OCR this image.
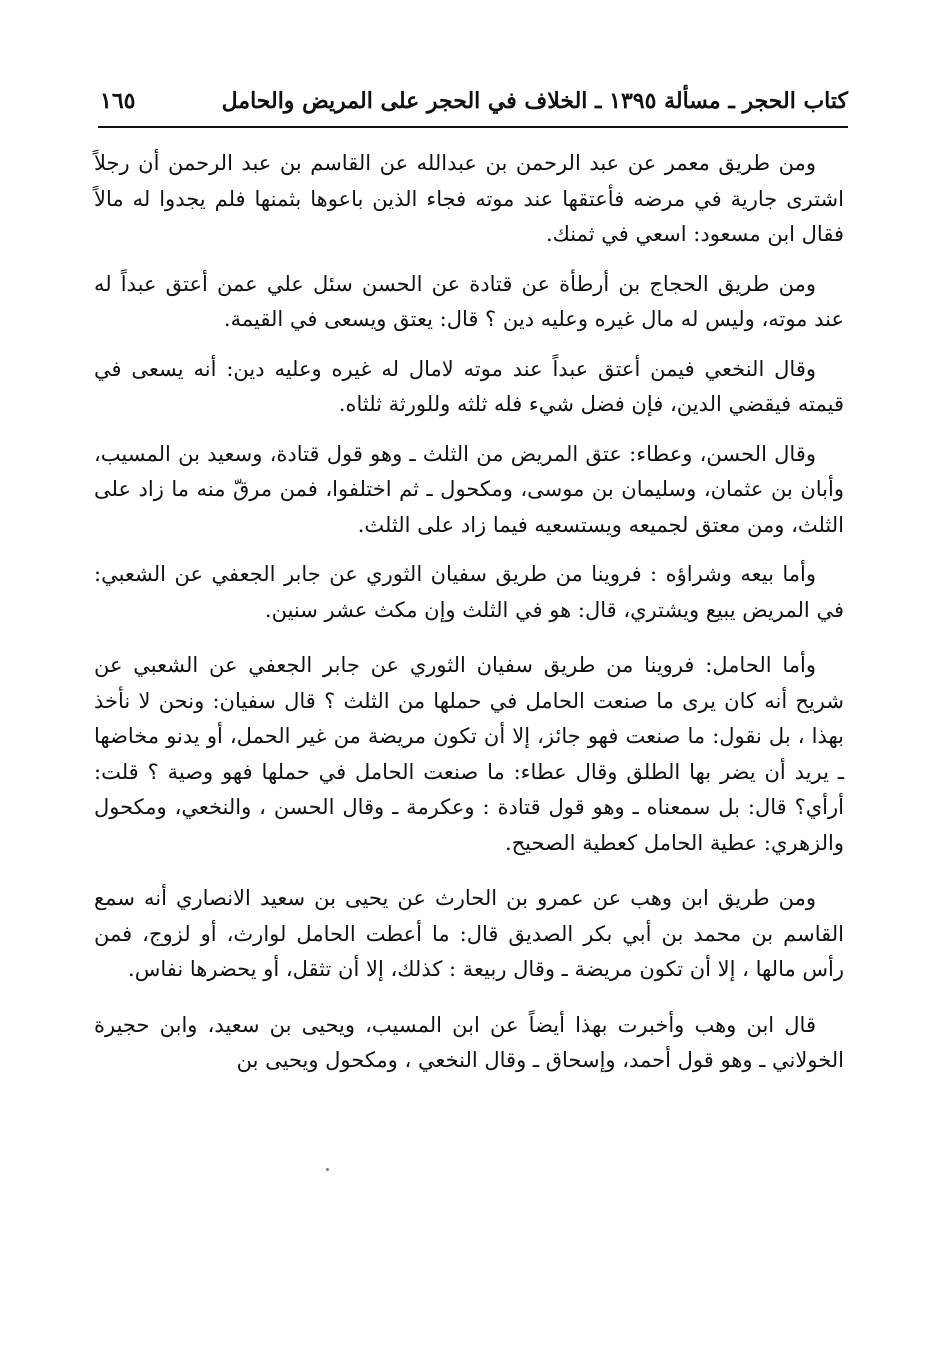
كتاب الحجر ـ مسألة ١٣٩٥ ـ الخلاف في الحجر على المريض والحامل
١٦٥

ومن طريق معمر عن عبد الرحمن بن عبدالله عن القاسم بن عبد الرحمن أن رجلاً اشترى جارية في مرضه فأعتقها عند موته فجاء الذين باعوها بثمنها فلم يجدوا له مالاً فقال ابن مسعود: اسعي في ثمنك.

ومن طريق الحجاج بن أرطأة عن قتادة عن الحسن سئل علي عمن أعتق عبداً له عند موته، وليس له مال غيره وعليه دين ؟ قال: يعتق ويسعى في القيمة.

وقال النخعي فيمن أعتق عبداً عند موته لامال له غيره وعليه دين: أنه يسعى في قيمته فيقضي الدين، فإن فضل شيء فله ثلثه وللورثة ثلثاه.

وقال الحسن، وعطاء: عتق المريض من الثلث ـ وهو قول قتادة، وسعيد بن المسيب، وأبان بن عثمان، وسليمان بن موسى، ومكحول ـ ثم اختلفوا، فمن مرقّ منه ما زاد على الثلث، ومن معتق لجميعه ويستسعيه فيما زاد على الثلث.

وأما بيعه وشراؤه : فروينا من طريق سفيان الثوري عن جابر الجعفي عن الشعبي: في المريض يبيع ويشتري، قال: هو في الثلث وإن مكث عشر سنين.

وأما الحامل: فروينا من طريق سفيان الثوري عن جابر الجعفي عن الشعبي عن شريح أنه كان يرى ما صنعت الحامل في حملها من الثلث ؟ قال سفيان: ونحن لا نأخذ بهذا ، بل نقول: ما صنعت فهو جائز، إلا أن تكون مريضة من غير الحمل، أو يدنو مخاضها ـ يريد أن يضر بها الطلق وقال عطاء: ما صنعت الحامل في حملها فهو وصية ؟ قلت: أرأي؟ قال: بل سمعناه ـ وهو قول قتادة : وعكرمة ـ وقال الحسن ، والنخعي، ومكحول والزهري: عطية الحامل كعطية الصحيح.

ومن طريق ابن وهب عن عمرو بن الحارث عن يحيى بن سعيد الانصاري أنه سمع القاسم بن محمد بن أبي بكر الصديق قال: ما أعطت الحامل لوارث، أو لزوج، فمن رأس مالها ، إلا أن تكون مريضة ـ وقال ربيعة : كذلك، إلا أن تثقل، أو يحضرها نفاس.

قال ابن وهب وأخبرت بهذا أيضاً عن ابن المسيب، ويحيى بن سعيد، وابن حجيرة الخولاني ـ وهو قول أحمد، وإسحاق ـ وقال النخعي ، ومكحول ويحيى بن
